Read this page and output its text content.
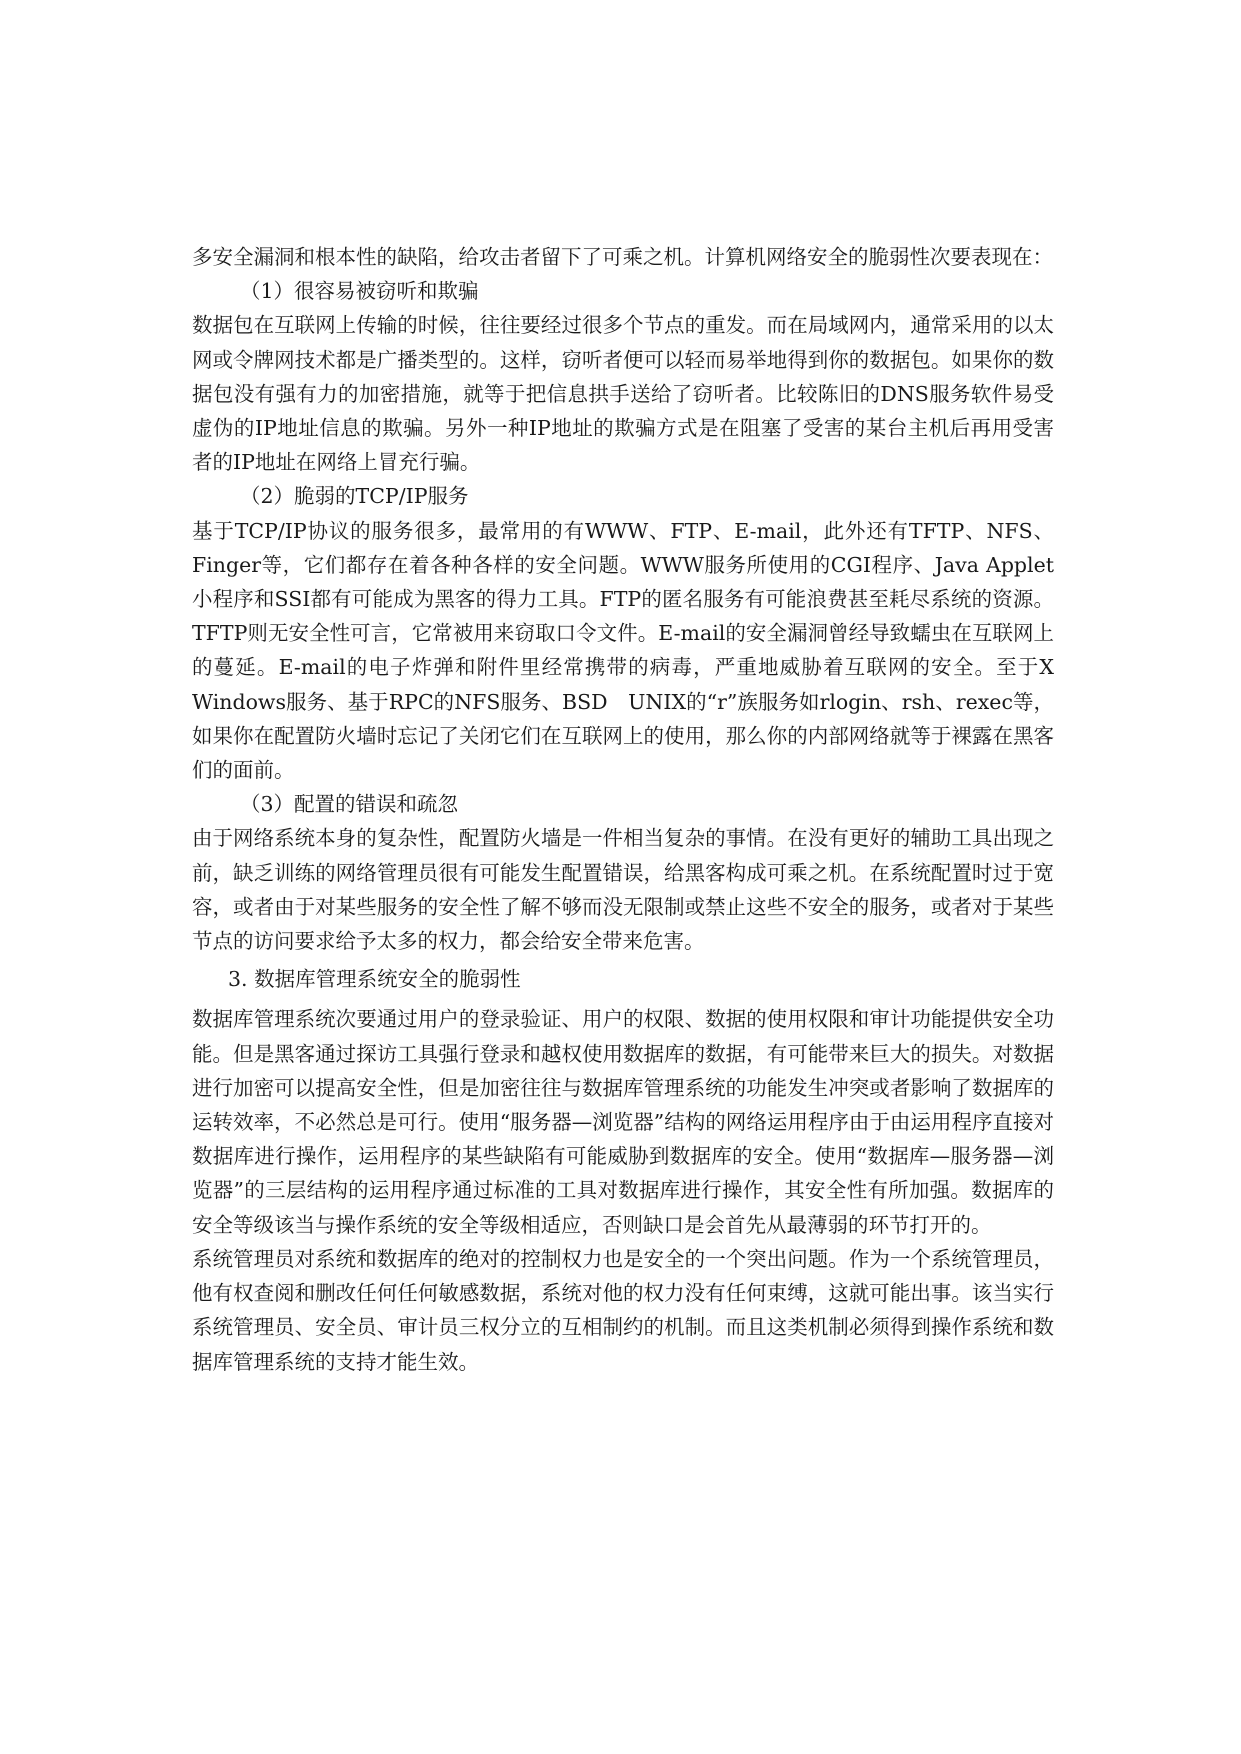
多安全漏洞和根本性的缺陷，给攻击者留下了可乘之机。计算机网络安全的脆弱性次要表现在：

（1）很容易被窃听和欺骗

数据包在互联网上传输的时候，往往要经过很多个节点的重发。而在局域网内，通常采用的以太网或令牌网技术都是广播类型的。这样，窃听者便可以轻而易举地得到你的数据包。如果你的数据包没有强有力的加密措施，就等于把信息拱手送给了窃听者。比较陈旧的DNS服务软件易受虚伪的IP地址信息的欺骗。另外一种IP地址的欺骗方式是在阻塞了受害的某台主机后再用受害者的IP地址在网络上冒充行骗。

（2）脆弱的TCP/IP服务

基于TCP/IP协议的服务很多，最常用的有WWW、FTP、E-mail，此外还有TFTP、NFS、Finger等，它们都存在着各种各样的安全问题。WWW服务所使用的CGI程序、Java Applet小程序和SSI都有可能成为黑客的得力工具。FTP的匿名服务有可能浪费甚至耗尽系统的资源。TFTP则无安全性可言，它常被用来窃取口令文件。E-mail的安全漏洞曾经导致蠕虫在互联网上的蔓延。E-mail的电子炸弹和附件里经常携带的病毒，严重地威胁着互联网的安全。至于X Windows服务、基于RPC的NFS服务、BSD　UNIX的“r”族服务如rlogin、rsh、rexec等，如果你在配置防火墙时忘记了关闭它们在互联网上的使用，那么你的内部网络就等于裸露在黑客们的面前。

（3）配置的错误和疏忽

由于网络系统本身的复杂性，配置防火墙是一件相当复杂的事情。在没有更好的辅助工具出现之前，缺乏训练的网络管理员很有可能发生配置错误，给黑客构成可乘之机。在系统配置时过于宽容，或者由于对某些服务的安全性了解不够而没无限制或禁止这些不安全的服务，或者对于某些节点的访问要求给予太多的权力，都会给安全带来危害。

3. 数据库管理系统安全的脆弱性

数据库管理系统次要通过用户的登录验证、用户的权限、数据的使用权限和审计功能提供安全功能。但是黑客通过探访工具强行登录和越权使用数据库的数据，有可能带来巨大的损失。对数据进行加密可以提高安全性，但是加密往往与数据库管理系统的功能发生冲突或者影响了数据库的运转效率，不必然总是可行。使用“服务器—浏览器”结构的网络运用程序由于由运用程序直接对数据库进行操作，运用程序的某些缺陷有可能威胁到数据库的安全。使用“数据库—服务器—浏览器”的三层结构的运用程序通过标准的工具对数据库进行操作，其安全性有所加强。数据库的安全等级该当与操作系统的安全等级相适应，否则缺口是会首先从最薄弱的环节打开的。

系统管理员对系统和数据库的绝对的控制权力也是安全的一个突出问题。作为一个系统管理员，他有权查阅和删改任何任何敏感数据，系统对他的权力没有任何束缚，这就可能出事。该当实行系统管理员、安全员、审计员三权分立的互相制约的机制。而且这类机制必须得到操作系统和数据库管理系统的支持才能生效。
